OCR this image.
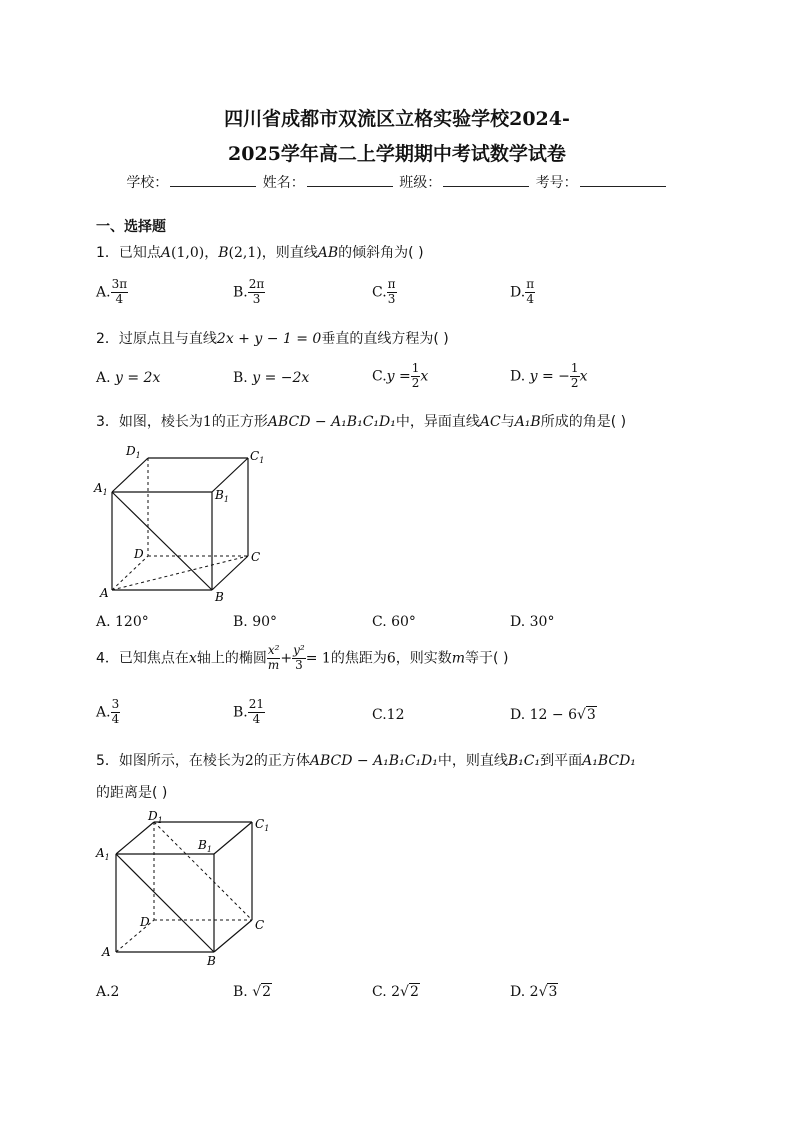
四川省成都市双流区立格实验学校2024-
2025学年高二上学期期中考试数学试卷
学校：	姓名：	班级：	考号：
一、选择题
1．已知点A(1,0)，B(2,1)，则直线AB的倾斜角为( )
A. $\frac{3\pi}{4}$	B. $\frac{2\pi}{3}$	C. $\frac{\pi}{3}$	D. $\frac{\pi}{4}$
2．过原点且与直线2x + y − 1 = 0垂直的直线方程为( )
A. y = 2x	B. y = −2x	$C.y = \frac{1}{2}$ x	D. y = − $\frac{1}{2}$ x
3．如图，棱长为1的正方形ABCD − A₁B₁C₁D₁中，异面直线AC与A₁B所成的角是( )
$D_1$	$C_1$
$A_1$	$B_1$
D	C
A	B
A. 120°	B. 90°	C. 60°	D. 30°
4．已知焦点在x轴上的椭圆 $\frac{\text{x²}}{m} + \frac{\text{y²}}{3} = 1$的焦距为6，则实数m等于( )
A. $\frac{3}{4}$	B. $\frac{21}{4}$	C.12	D. 12 − 6√3
5．如图所示，在棱长为2的正方体ABCD − A₁B₁C₁D₁中，则直线B₁C₁到平面A₁BCD₁
的距离是( )
$D_1$	$C_1$
$A_1$
$B_1$
D	C
A
B
A.2	B. √2	C. 2√2	D. 2√3
